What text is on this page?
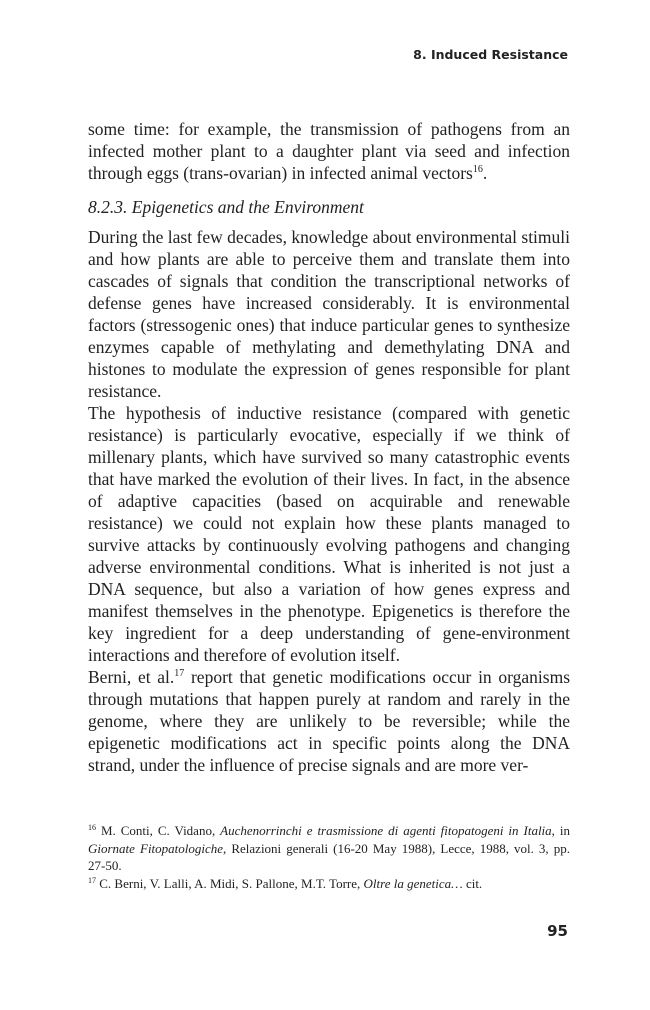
8. Induced Resistance

some time: for example, the transmission of pathogens from an infected mother plant to a daughter plant via seed and infection through eggs (trans-ovarian) in infected animal vectors$^{16}$.

8.2.3. Epigenetics and the Environment

During the last few decades, knowledge about environmental stimuli and how plants are able to perceive them and translate them into cascades of signals that condition the transcriptional networks of defense genes have increased considerably. It is environmental factors (stressogenic ones) that induce particular genes to synthesize enzymes capable of methylating and demethylating DNA and histones to modulate the expression of genes responsible for plant resistance.

The hypothesis of inductive resistance (compared with genetic resistance) is particularly evocative, especially if we think of millenary plants, which have survived so many catastrophic events that have marked the evolution of their lives. In fact, in the absence of adaptive capacities (based on acquirable and renewable resistance) we could not explain how these plants managed to survive attacks by continuously evolving pathogens and changing adverse environmental conditions. What is inherited is not just a DNA sequence, but also a variation of how genes express and manifest themselves in the phenotype. Epigenetics is therefore the key ingredient for a deep understanding of gene-environment interactions and therefore of evolution itself.

Berni, et al.$^{17}$ report that genetic modifications occur in organisms through mutations that happen purely at random and rarely in the genome, where they are unlikely to be reversible; while the epigenetic modifications act in specific points along the DNA strand, under the influence of precise signals and are more ver-

$^{16}$ M. Conti, C. Vidano, Auchenorrinchi e trasmissione di agenti fitopatogeni in Italia, in Giornate Fitopatologiche, Relazioni generali (16-20 May 1988), Lecce, 1988, vol. 3, pp. 27-50.

$^{17}$ C. Berni, V. Lalli, A. Midi, S. Pallone, M.T. Torre, Oltre la genetica… cit.

95
